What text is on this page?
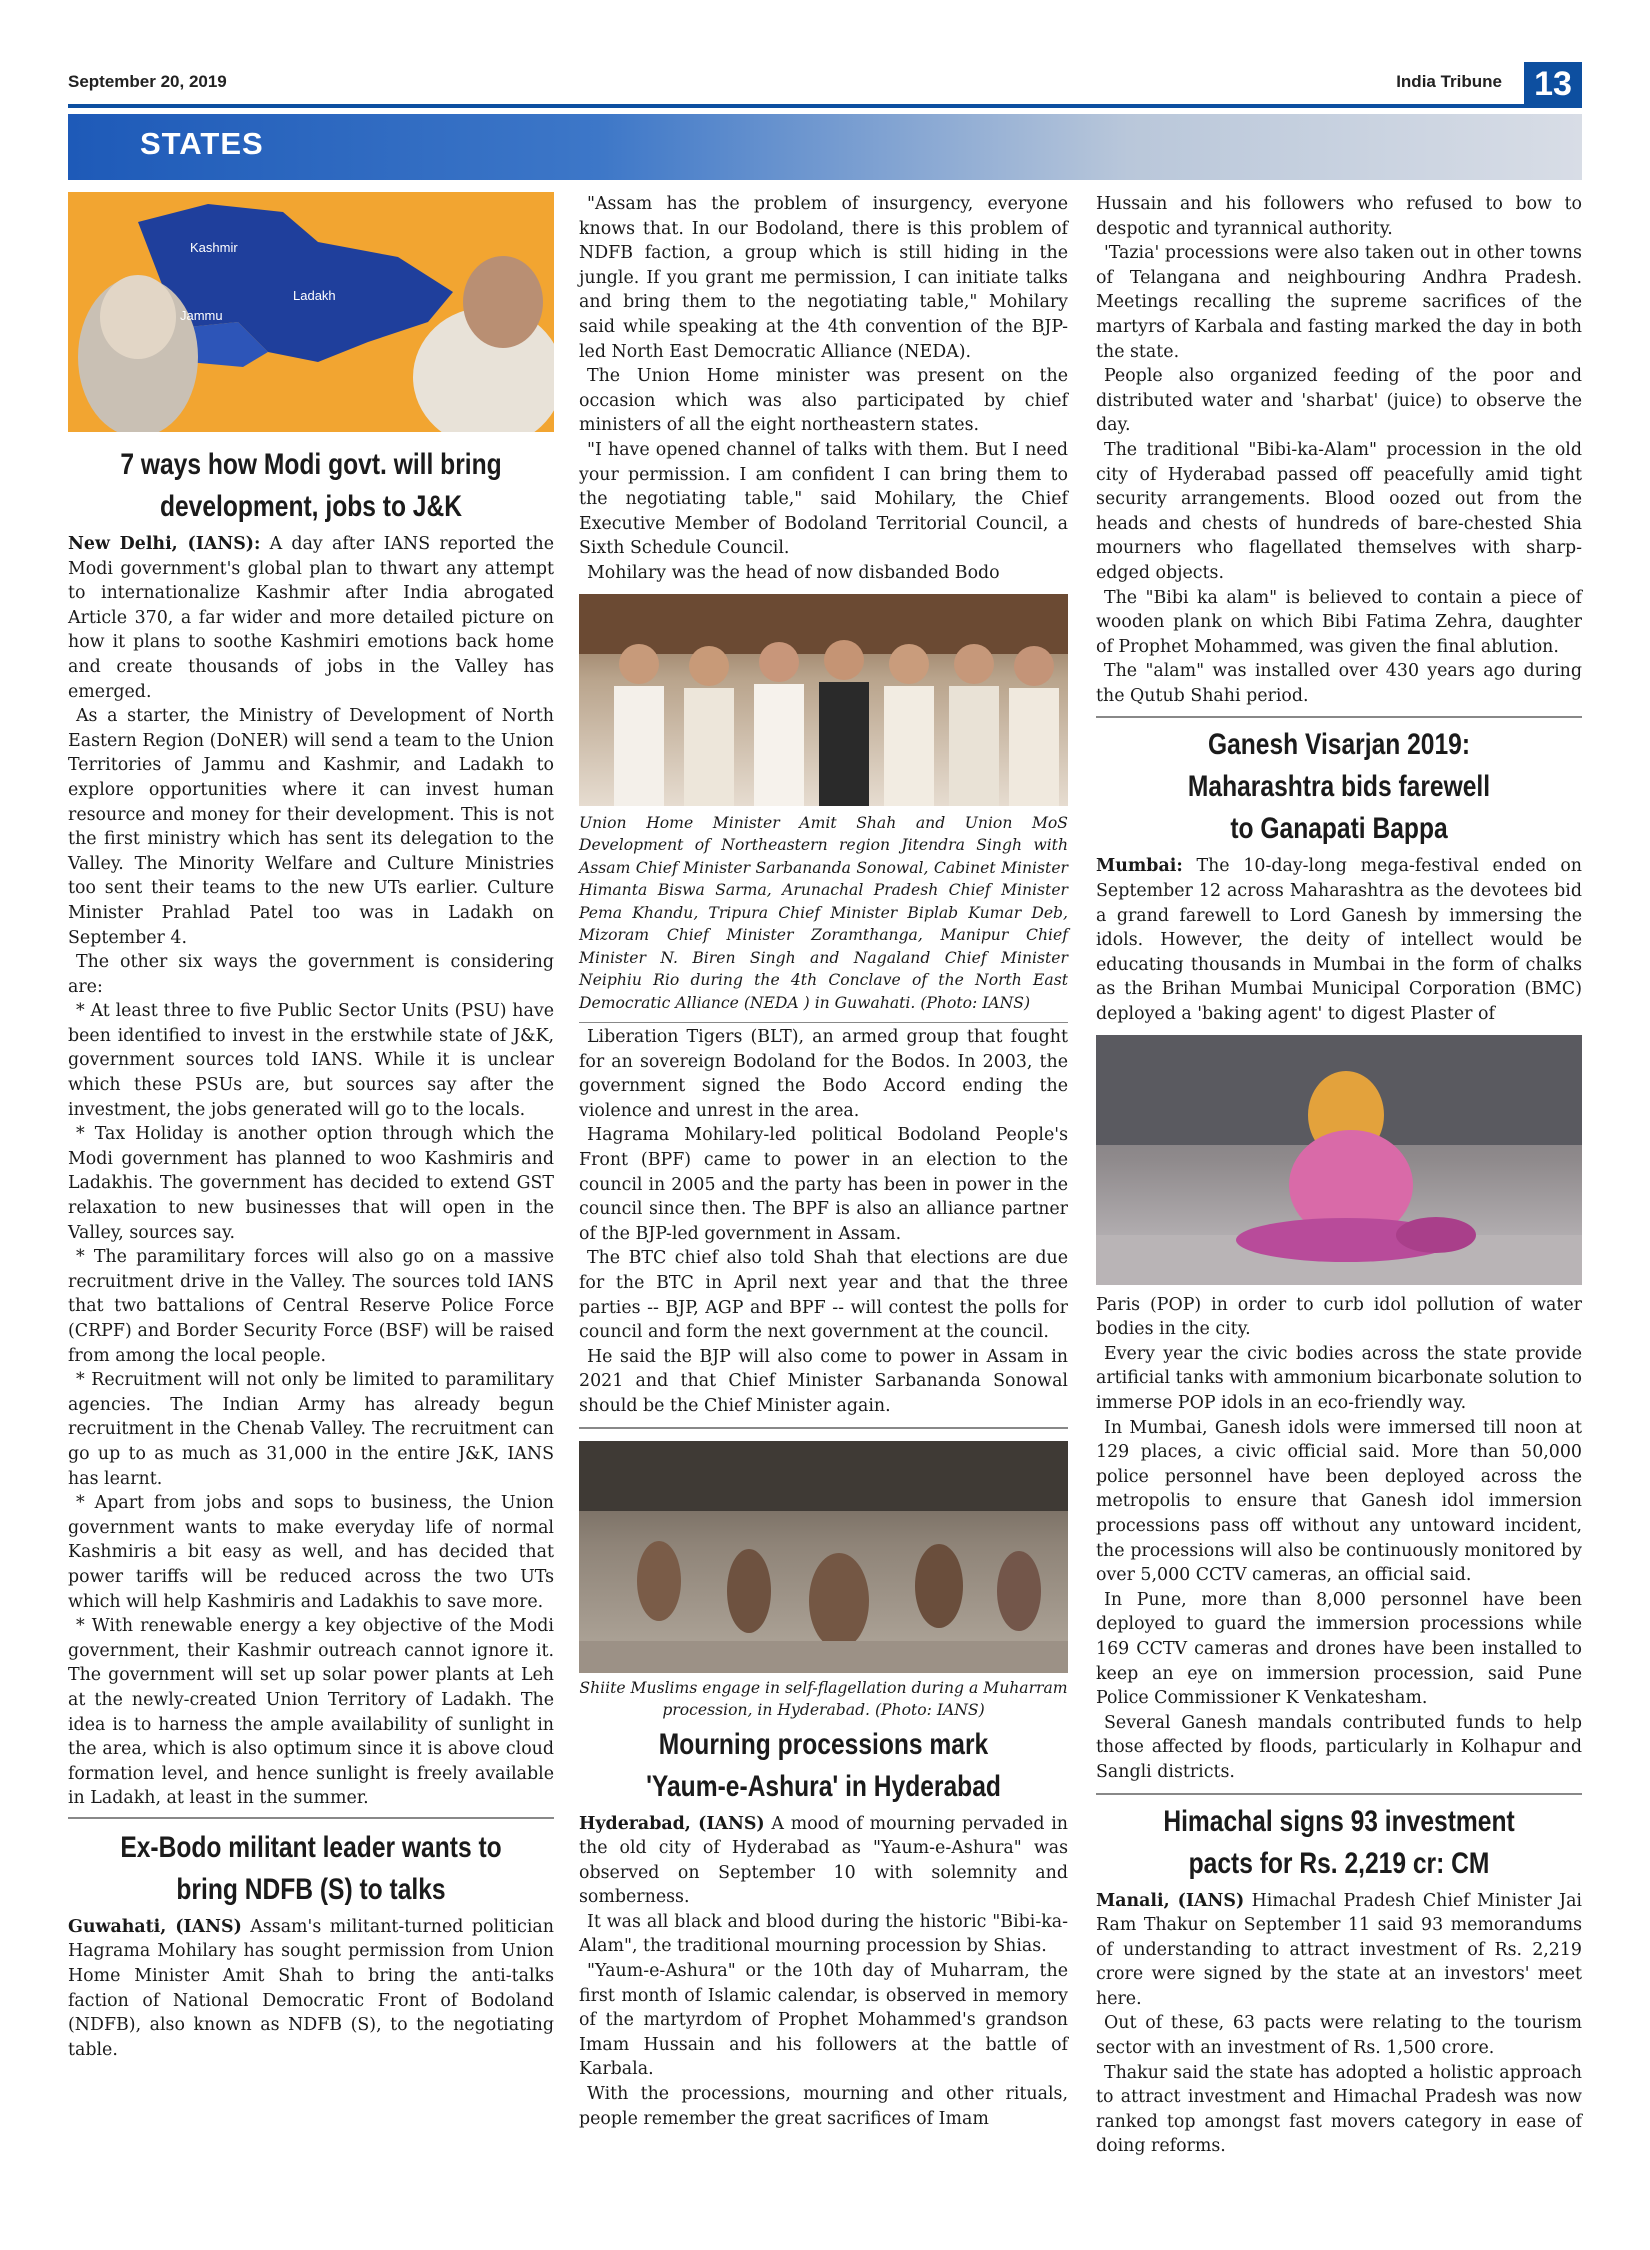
September 20, 2019	India Tribune 13
STATES
Kashmir
Ladakh
Jammu
7 ways how Modi govt. will bring
development, jobs to J&K

New Delhi, (IANS): A day after IANS reported the Modi government's global plan to thwart any attempt to internationalize Kashmir after India abrogated Article 370, a far wider and more detailed picture on how it plans to soothe Kashmiri emotions back home and create thousands of jobs in the Valley has emerged.

As a starter, the Ministry of Development of North Eastern Region (DoNER) will send a team to the Union Territories of Jammu and Kashmir, and Ladakh to explore opportunities where it can invest human resource and money for their development. This is not the first ministry which has sent its delegation to the Valley. The Minority Welfare and Culture Ministries too sent their teams to the new UTs earlier. Culture Minister Prahlad Patel too was in Ladakh on September 4.

The other six ways the government is considering are:

* At least three to five Public Sector Units (PSU) have been identified to invest in the erstwhile state of J&K, government sources told IANS. While it is unclear which these PSUs are, but sources say after the investment, the jobs generated will go to the locals.

* Tax Holiday is another option through which the Modi government has planned to woo Kashmiris and Ladakhis. The government has decided to extend GST relaxation to new businesses that will open in the Valley, sources say.

* The paramilitary forces will also go on a massive recruitment drive in the Valley. The sources told IANS that two battalions of Central Reserve Police Force (CRPF) and Border Security Force (BSF) will be raised from among the local people.

* Recruitment will not only be limited to paramilitary agencies. The Indian Army has already begun recruitment in the Chenab Valley. The recruitment can go up to as much as 31,000 in the entire J&K, IANS has learnt.

* Apart from jobs and sops to business, the Union government wants to make everyday life of normal Kashmiris a bit easy as well, and has decided that power tariffs will be reduced across the two UTs which will help Kashmiris and Ladakhis to save more.

* With renewable energy a key objective of the Modi government, their Kashmir outreach cannot ignore it. The government will set up solar power plants at Leh at the newly-created Union Territory of Ladakh. The idea is to harness the ample availability of sunlight in the area, which is also optimum since it is above cloud formation level, and hence sunlight is freely available in Ladakh, at least in the summer.

Ex-Bodo militant leader wants to
bring NDFB (S) to talks

Guwahati, (IANS) Assam's militant-turned politician Hagrama Mohilary has sought permission from Union Home Minister Amit Shah to bring the anti-talks faction of National Democratic Front of Bodoland (NDFB), also known as NDFB (S), to the negotiating table.

"Assam has the problem of insurgency, everyone knows that. In our Bodoland, there is this problem of NDFB faction, a group which is still hiding in the jungle. If you grant me permission, I can initiate talks and bring them to the negotiating table," Mohilary said while speaking at the 4th convention of the BJP-led North East Democratic Alliance (NEDA).

The Union Home minister was present on the occasion which was also participated by chief ministers of all the eight northeastern states.

"I have opened channel of talks with them. But I need your permission. I am confident I can bring them to the negotiating table," said Mohilary, the Chief Executive Member of Bodoland Territorial Council, a Sixth Schedule Council.

Mohilary was the head of now disbanded Bodo

Union Home Minister Amit Shah and Union MoS Development of Northeastern region Jitendra Singh with Assam Chief Minister Sarbananda Sonowal, Cabinet Minister Himanta Biswa Sarma, Arunachal Pradesh Chief Minister Pema Khandu, Tripura Chief Minister Biplab Kumar Deb, Mizoram Chief Minister Zoramthanga, Manipur Chief Minister N. Biren Singh and Nagaland Chief Minister Neiphiu Rio during the 4th Conclave of the North East Democratic Alliance (NEDA ) in Guwahati. (Photo: IANS)

Liberation Tigers (BLT), an armed group that fought for an sovereign Bodoland for the Bodos. In 2003, the government signed the Bodo Accord ending the violence and unrest in the area.

Hagrama Mohilary-led political Bodoland People's Front (BPF) came to power in an election to the council in 2005 and the party has been in power in the council since then. The BPF is also an alliance partner of the BJP-led government in Assam.

The BTC chief also told Shah that elections are due for the BTC in April next year and that the three parties -- BJP, AGP and BPF -- will contest the polls for council and form the next government at the council.

He said the BJP will also come to power in Assam in 2021 and that Chief Minister Sarbananda Sonowal should be the Chief Minister again.

Shiite Muslims engage in self-flagellation during a Muharram procession, in Hyderabad. (Photo: IANS)

Mourning processions mark
'Yaum-e-Ashura' in Hyderabad

Hyderabad, (IANS) A mood of mourning pervaded in the old city of Hyderabad as "Yaum-e-Ashura" was observed on September 10 with solemnity and somberness.

It was all black and blood during the historic "Bibi-ka-Alam", the traditional mourning procession by Shias.

"Yaum-e-Ashura" or the 10th day of Muharram, the first month of Islamic calendar, is observed in memory of the martyrdom of Prophet Mohammed's grandson Imam Hussain and his followers at the battle of Karbala.

With the processions, mourning and other rituals, people remember the great sacrifices of Imam

Hussain and his followers who refused to bow to despotic and tyrannical authority.

'Tazia' processions were also taken out in other towns of Telangana and neighbouring Andhra Pradesh. Meetings recalling the supreme sacrifices of the martyrs of Karbala and fasting marked the day in both the state.

People also organized feeding of the poor and distributed water and 'sharbat' (juice) to observe the day.

The traditional "Bibi-ka-Alam" procession in the old city of Hyderabad passed off peacefully amid tight security arrangements. Blood oozed out from the heads and chests of hundreds of bare-chested Shia mourners who flagellated themselves with sharp-edged objects.

The "Bibi ka alam" is believed to contain a piece of wooden plank on which Bibi Fatima Zehra, daughter of Prophet Mohammed, was given the final ablution.

The "alam" was installed over 430 years ago during the Qutub Shahi period.

Ganesh Visarjan 2019:
Maharashtra bids farewell
to Ganapati Bappa

Mumbai: The 10-day-long mega-festival ended on September 12 across Maharashtra as the devotees bid a grand farewell to Lord Ganesh by immersing the idols. However, the deity of intellect would be educating thousands in Mumbai in the form of chalks as the Brihan Mumbai Municipal Corporation (BMC) deployed a 'baking agent' to digest Plaster of

Paris (POP) in order to curb idol pollution of water bodies in the city.

Every year the civic bodies across the state provide artificial tanks with ammonium bicarbonate solution to immerse POP idols in an eco-friendly way.

In Mumbai, Ganesh idols were immersed till noon at 129 places, a civic official said. More than 50,000 police personnel have been deployed across the metropolis to ensure that Ganesh idol immersion processions pass off without any untoward incident, the processions will also be continuously monitored by over 5,000 CCTV cameras, an official said.

In Pune, more than 8,000 personnel have been deployed to guard the immersion processions while 169 CCTV cameras and drones have been installed to keep an eye on immersion procession, said Pune Police Commissioner K Venkatesham.

Several Ganesh mandals contributed funds to help those affected by floods, particularly in Kolhapur and Sangli districts.

Himachal signs 93 investment
pacts for Rs. 2,219 cr: CM

Manali, (IANS) Himachal Pradesh Chief Minister Jai Ram Thakur on September 11 said 93 memorandums of understanding to attract investment of Rs. 2,219 crore were signed by the state at an investors' meet here.

Out of these, 63 pacts were relating to the tourism sector with an investment of Rs. 1,500 crore.

Thakur said the state has adopted a holistic approach to attract investment and Himachal Pradesh was now ranked top amongst fast movers category in ease of doing reforms.
